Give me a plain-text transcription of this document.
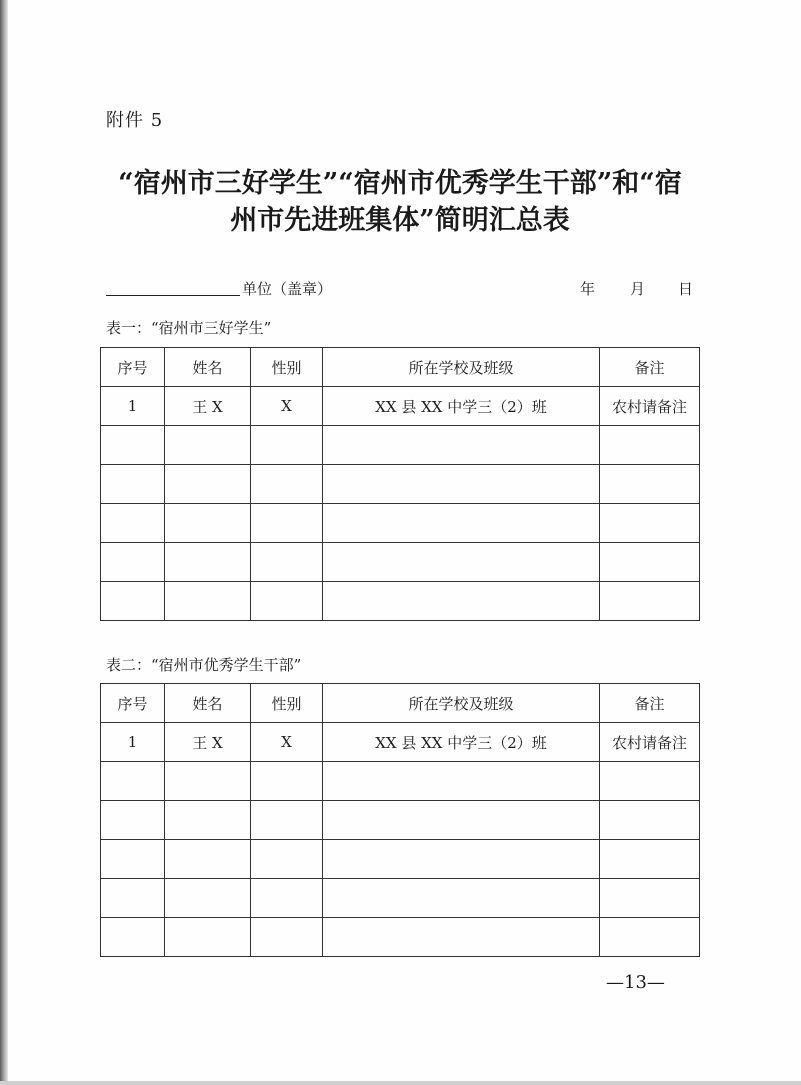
附件 5
“宿州市三好学生”“宿州市优秀学生干部”和“宿
州市先进班集体”简明汇总表
单位（盖章）	年 月 日
表一：“宿州市三好学生”
序号	姓名	性别	所在学校及班级	备注
1	王 X	X	XX 县 XX 中学三（2）班	农村请备注

表二：“宿州市优秀学生干部”
序号	姓名	性别	所在学校及班级	备注
1	王 X	X	XX 县 XX 中学三（2）班	农村请备注

—13—
